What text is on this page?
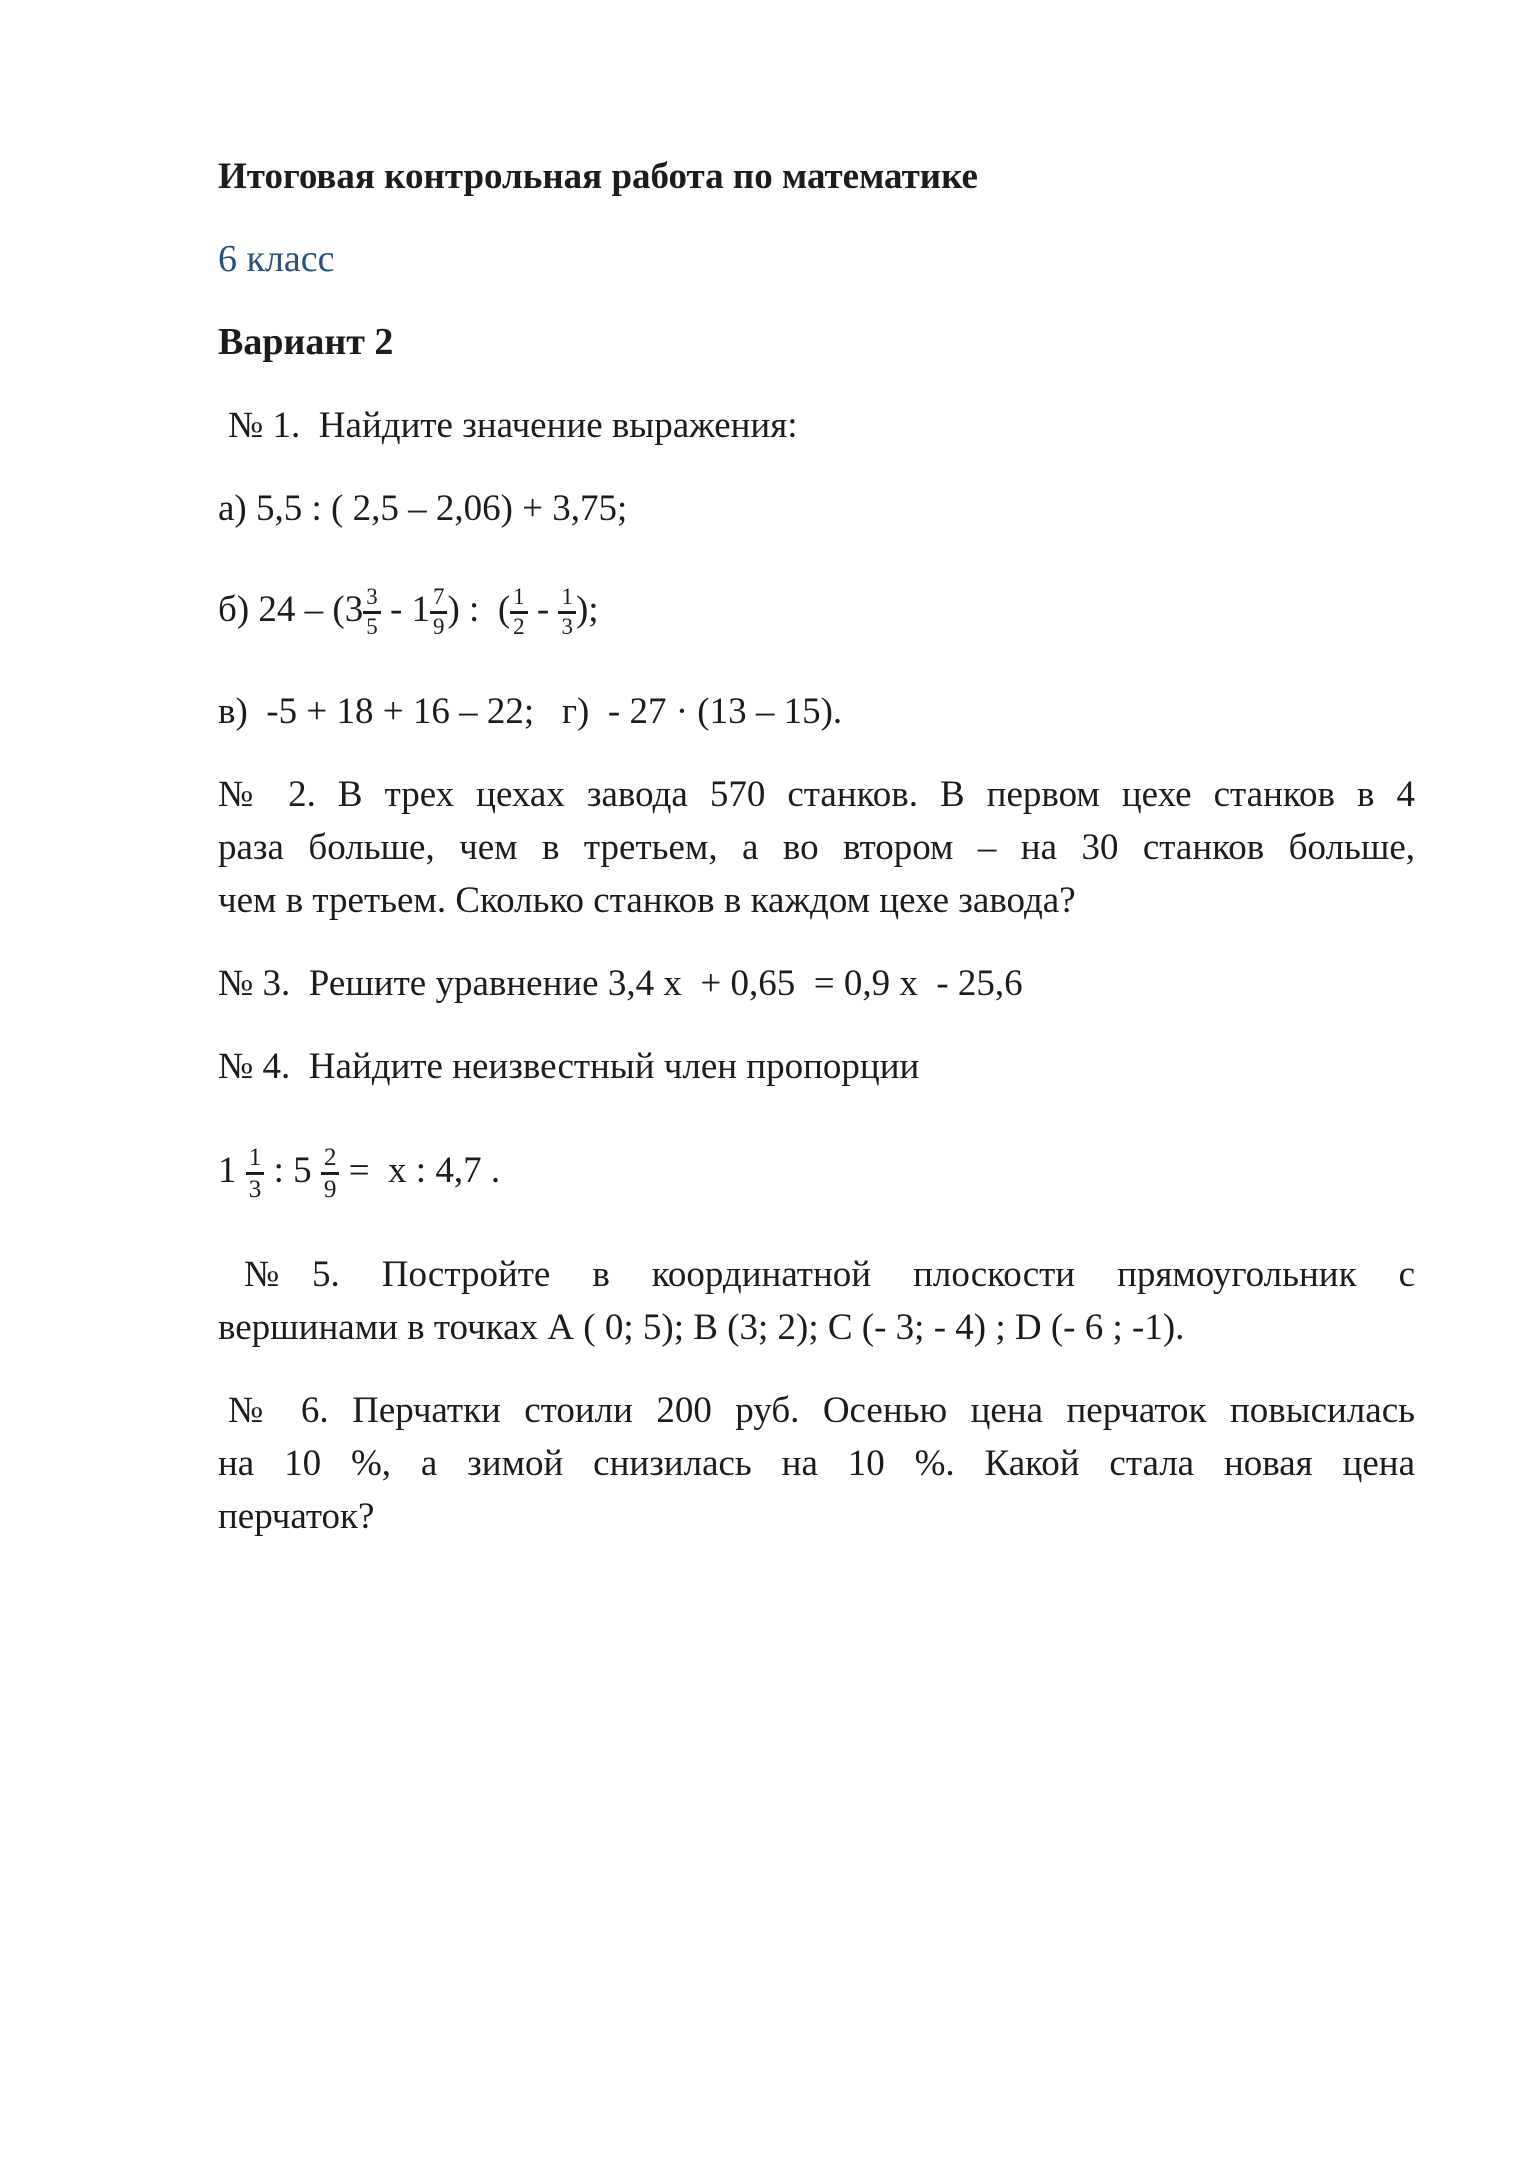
Итоговая контрольная работа по математике
6 класс
Вариант 2
№ 1.  Найдите значение выражения:
а) 5,5 : ( 2,5 – 2,06) + 3,75;
б) $24 - (3 \frac{3}{5} - 1 \frac{7}{9}$ ) :  ( $\frac{1}{2} - \frac{1}{3}$ );
в)  -5 + 18 + 16 – 22;   г)  - 27 · (13 – 15).
№ 2. В трех цехах завода 570 станков. В первом цехе станков в 4
раза больше, чем в третьем, а во втором – на 30 станков больше,
чем в третьем. Сколько станков в каждом цехе завода?
№ 3.  Решите уравнение 3,4 х  + 0,65  = 0,9 х  - 25,6
№ 4.  Найдите неизвестный член пропорции
$1 \frac{1}{3}$ : $5 \frac{2}{9} = х$ : 4,7 .
№5. Постройте в координатной плоскости прямоугольник с
вершинами в точках А ( 0; 5); В (3; 2); С (- 3; - 4) ; D (- 6 ; -1).
№ 6. Перчатки стоили 200 руб. Осенью цена перчаток повысилась
на 10 %, а зимой снизилась на 10 %. Какой стала новая цена
перчаток?
